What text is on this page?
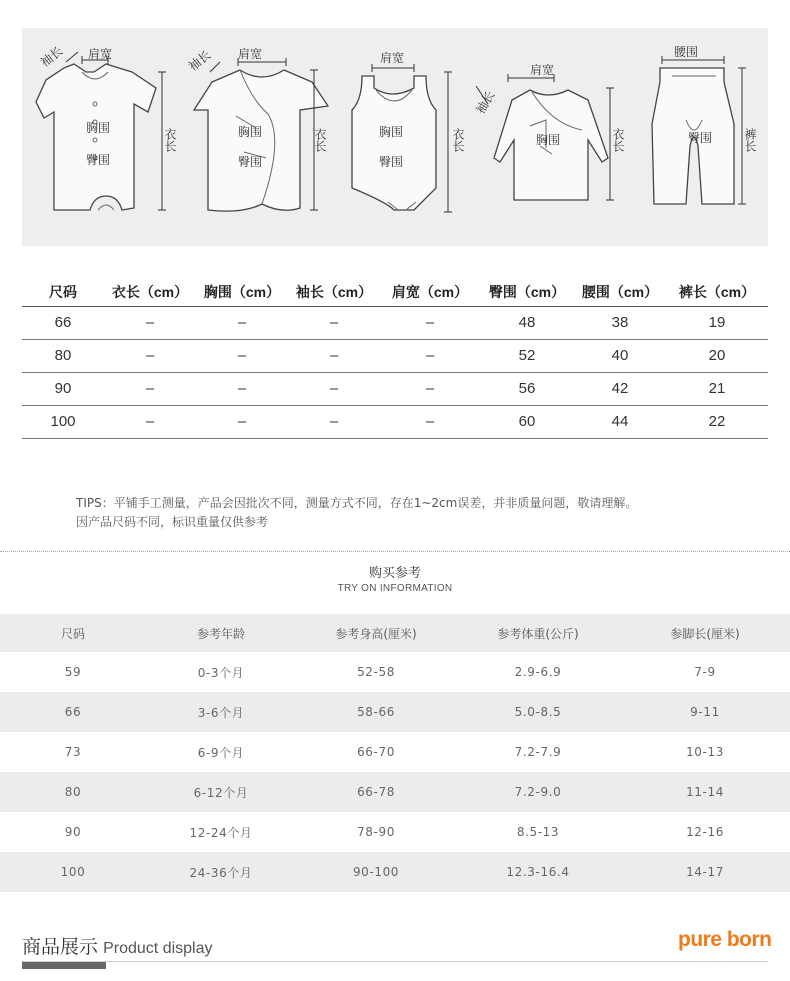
袖长 肩宽
胸围
臀围
衣长
袖长 肩宽
胸围
臀围
衣长
肩宽
胸围
臀围
衣长
袖长
肩宽
胸围	衣长
腰围
臀围	裤长
尺码	衣长（cm）	胸围（cm）	袖长（cm）	肩宽（cm）	臀围（cm）	腰围（cm）	裤长（cm）
66	–	–	–	–	48	38	19
80	–	–	–	–	52	40	20
90	–	–	–	–	56	42	21
100	–	–	–	–	60	44	22
TIPS：平铺手工测量，产品会因批次不同，测量方式不同，存在1~2cm误差，并非质量问题，敬请理解。
因产品尺码不同，标识重量仅供参考
购买参考
TRY ON INFORMATION
尺码	参考年龄	参考身高(厘米)	参考体重(公斤)	参脚长(厘米)
59	0-3个月	52-58	2.9-6.9	7-9
66	3-6个月	58-66	5.0-8.5	9-11
73	6-9个月	66-70	7.2-7.9	10-13
80	6-12个月	66-78	7.2-9.0	11-14
90	12-24个月	78-90	8.5-13	12-16
100	24-36个月	90-100	12.3-16.4	14-17
商品展示 Product display	pure born
